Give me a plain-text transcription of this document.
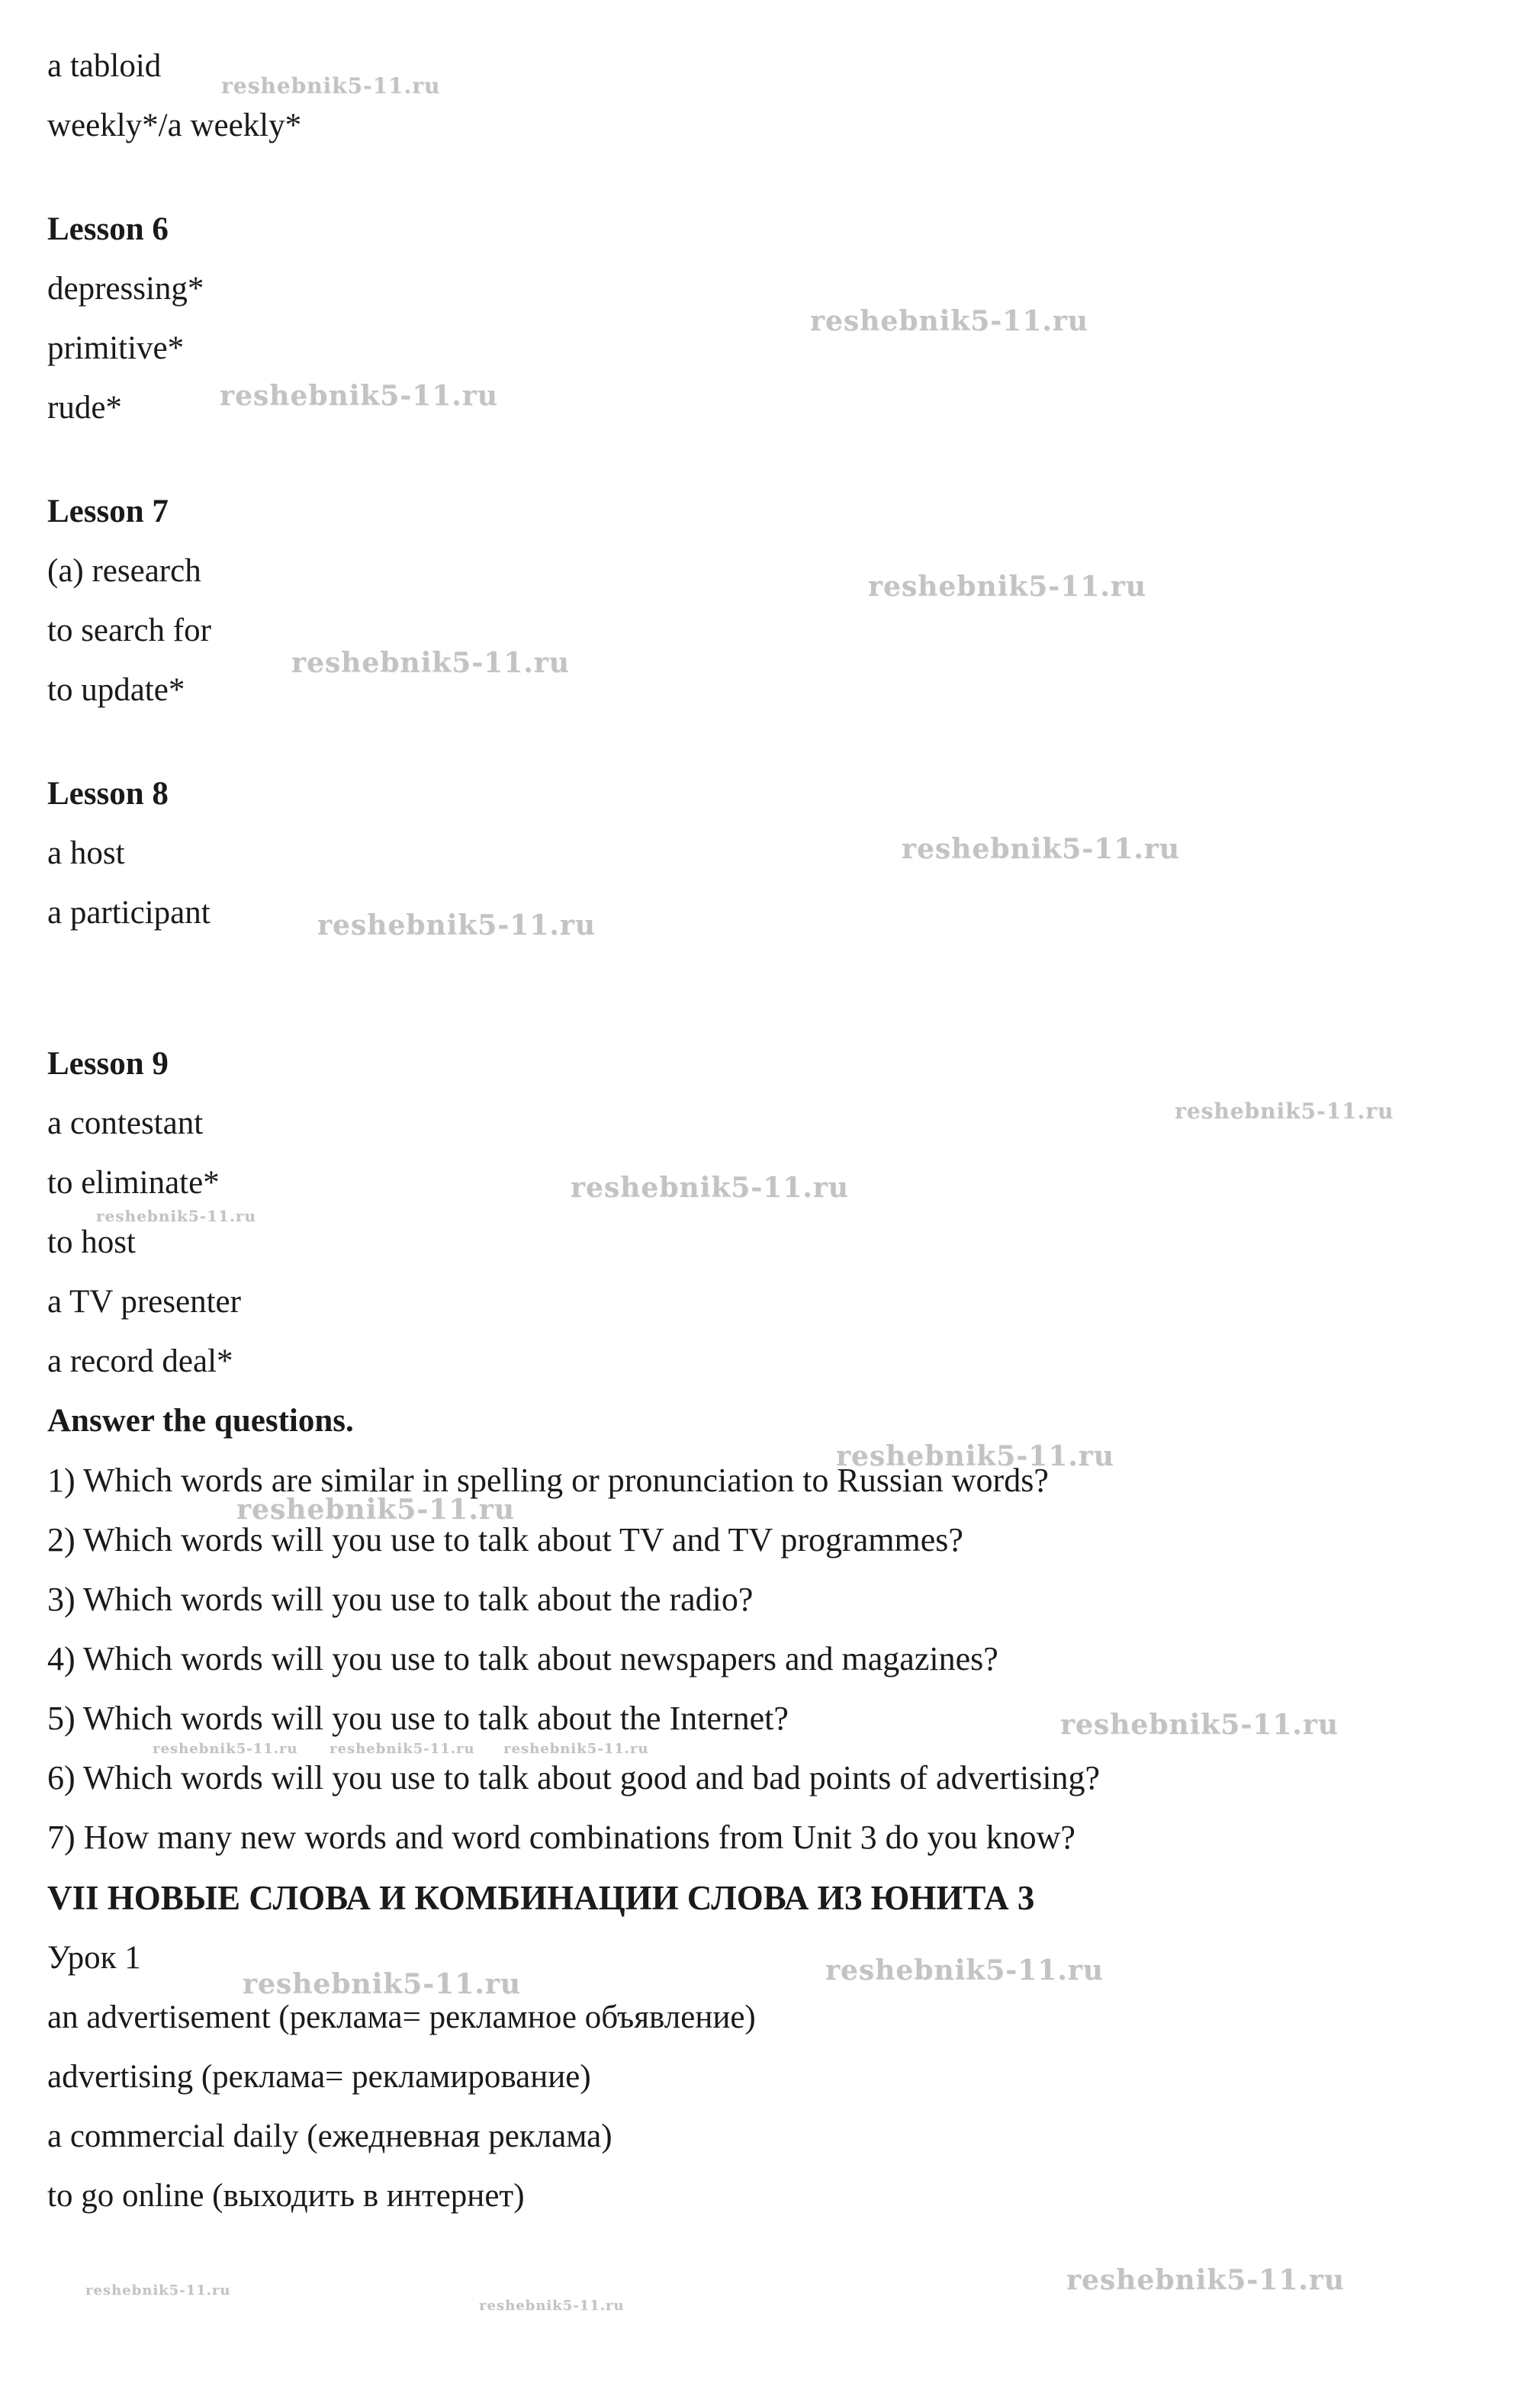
reshebnik5-11.ru
reshebnik5-11.ru
reshebnik5-11.ru
reshebnik5-11.ru
reshebnik5-11.ru
reshebnik5-11.ru
reshebnik5-11.ru
reshebnik5-11.ru
reshebnik5-11.ru
reshebnik5-11.ru
reshebnik5-11.ru
reshebnik5-11.ru
reshebnik5-11.ru
reshebnik5-11.ru reshebnik5-11.ru reshebnik5-11.ru
reshebnik5-11.ru	reshebnik5-11.ru
reshebnik5-11.ru
reshebnik5-11.ru
reshebnik5-11.ru
a tabloid
weekly*/a weekly*
Lesson 6
depressing*
primitive*
rude*
Lesson 7
(a) research
to search for
to update*
Lesson 8
a host
a participant
Lesson 9
a contestant
to eliminate*
to host
a TV presenter
a record deal*
Answer the questions.
1) Which words are similar in spelling or pronunciation to Russian words?
2) Which words will you use to talk about TV and TV programmes?
3) Which words will you use to talk about the radio?
4) Which words will you use to talk about newspapers and magazines?
5) Which words will you use to talk about the Internet?
6) Which words will you use to talk about good and bad points of advertising?
7) How many new words and word combinations from Unit 3 do you know?
VII НОВЫЕ СЛОВА И КОМБИНАЦИИ СЛОВА ИЗ ЮНИТА 3
Урок 1
an advertisement (реклама= рекламное объявление)
advertising (реклама= рекламирование)
a commercial daily (ежедневная реклама)
to go online (выходить в интернет)
